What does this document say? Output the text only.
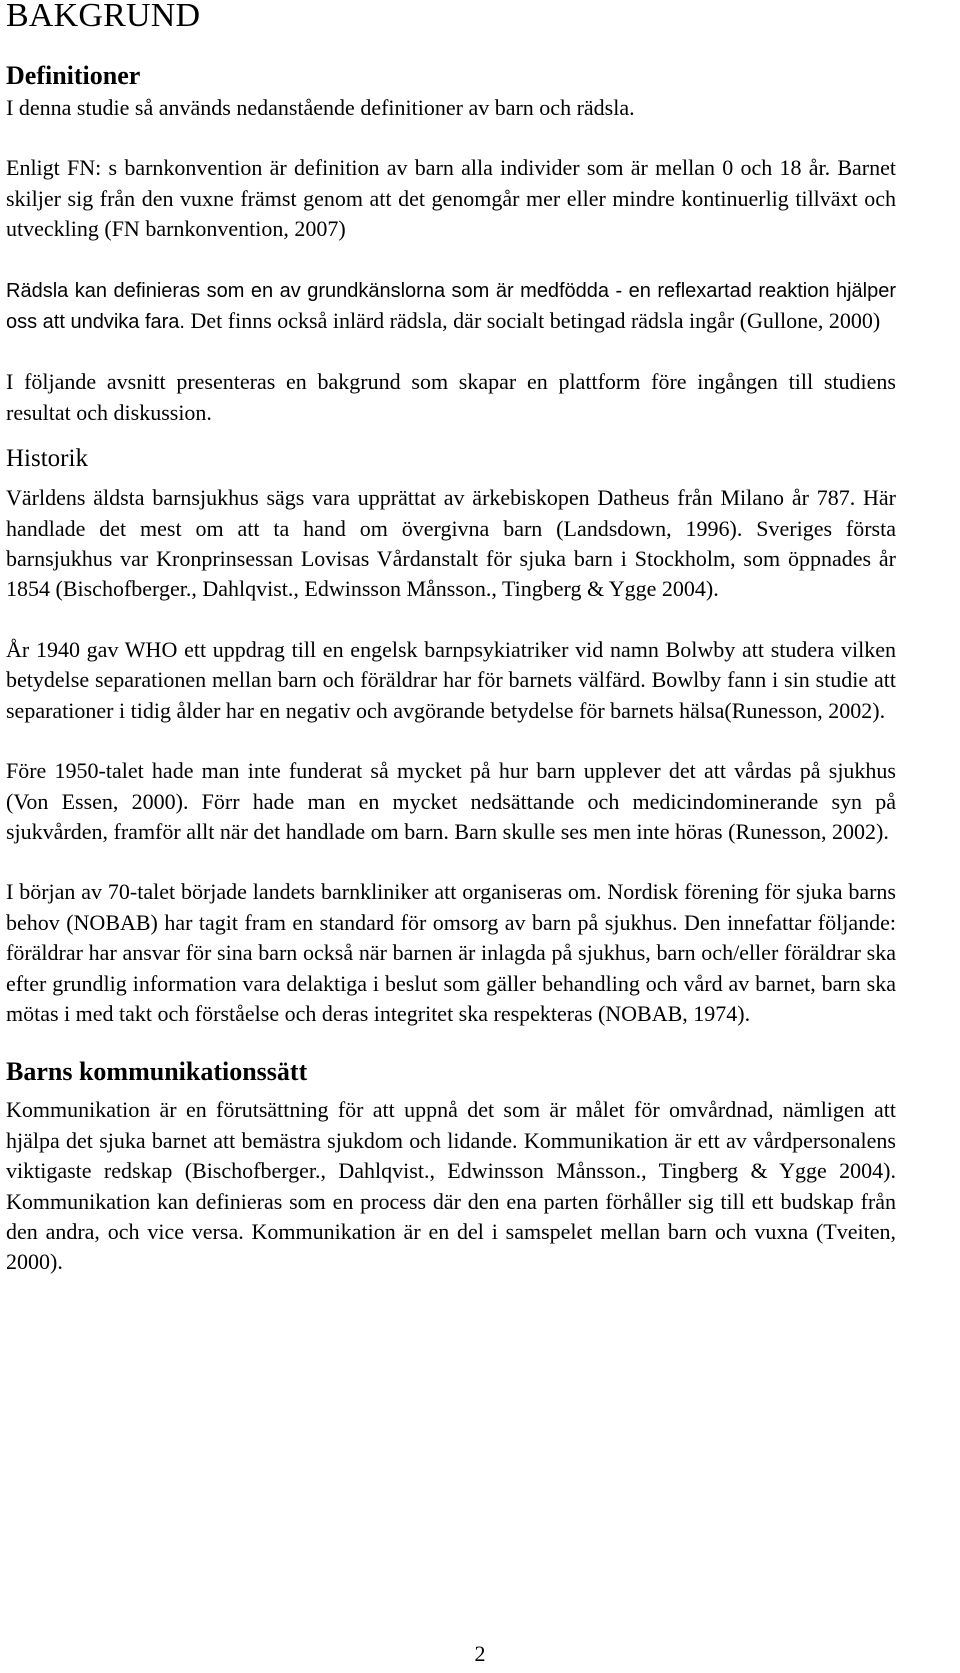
BAKGRUND
Definitioner

I denna studie så används nedanstående definitioner av barn och rädsla.

Enligt FN: s barnkonvention är definition av barn alla individer som är mellan 0 och 18 år. Barnet skiljer sig från den vuxne främst genom att det genomgår mer eller mindre kontinuerlig tillväxt och utveckling (FN barnkonvention, 2007)

Rädsla kan definieras som en av grundkänslorna som är medfödda - en reflexartad reaktion hjälper oss att undvika fara. Det finns också inlärd rädsla, där socialt betingad rädsla ingår (Gullone, 2000)

I följande avsnitt presenteras en bakgrund som skapar en plattform före ingången till studiens resultat och diskussion.

Historik

Världens äldsta barnsjukhus sägs vara upprättat av ärkebiskopen Datheus från Milano år 787. Här handlade det mest om att ta hand om övergivna barn (Landsdown, 1996). Sveriges första barnsjukhus var Kronprinsessan Lovisas Vårdanstalt för sjuka barn i Stockholm, som öppnades år 1854 (Bischofberger., Dahlqvist., Edwinsson Månsson., Tingberg & Ygge 2004).

År 1940 gav WHO ett uppdrag till en engelsk barnpsykiatriker vid namn Bolwby att studera vilken betydelse separationen mellan barn och föräldrar har för barnets välfärd. Bowlby fann i sin studie att separationer i tidig ålder har en negativ och avgörande betydelse för barnets hälsa(Runesson, 2002).

Före 1950-talet hade man inte funderat så mycket på hur barn upplever det att vårdas på sjukhus (Von Essen, 2000). Förr hade man en mycket nedsättande och medicindominerande syn på sjukvården, framför allt när det handlade om barn. Barn skulle ses men inte höras (Runesson, 2002).

I början av 70-talet började landets barnkliniker att organiseras om. Nordisk förening för sjuka barns behov (NOBAB) har tagit fram en standard för omsorg av barn på sjukhus. Den innefattar följande: föräldrar har ansvar för sina barn också när barnen är inlagda på sjukhus, barn och/eller föräldrar ska efter grundlig information vara delaktiga i beslut som gäller behandling och vård av barnet, barn ska mötas i med takt och förståelse och deras integritet ska respekteras (NOBAB, 1974).

Barns kommunikationssätt

Kommunikation är en förutsättning för att uppnå det som är målet för omvårdnad, nämligen att hjälpa det sjuka barnet att bemästra sjukdom och lidande. Kommunikation är ett av vårdpersonalens viktigaste redskap (Bischofberger., Dahlqvist., Edwinsson Månsson., Tingberg & Ygge 2004). Kommunikation kan definieras som en process där den ena parten förhåller sig till ett budskap från den andra, och vice versa. Kommunikation är en del i samspelet mellan barn och vuxna (Tveiten, 2000).

2
